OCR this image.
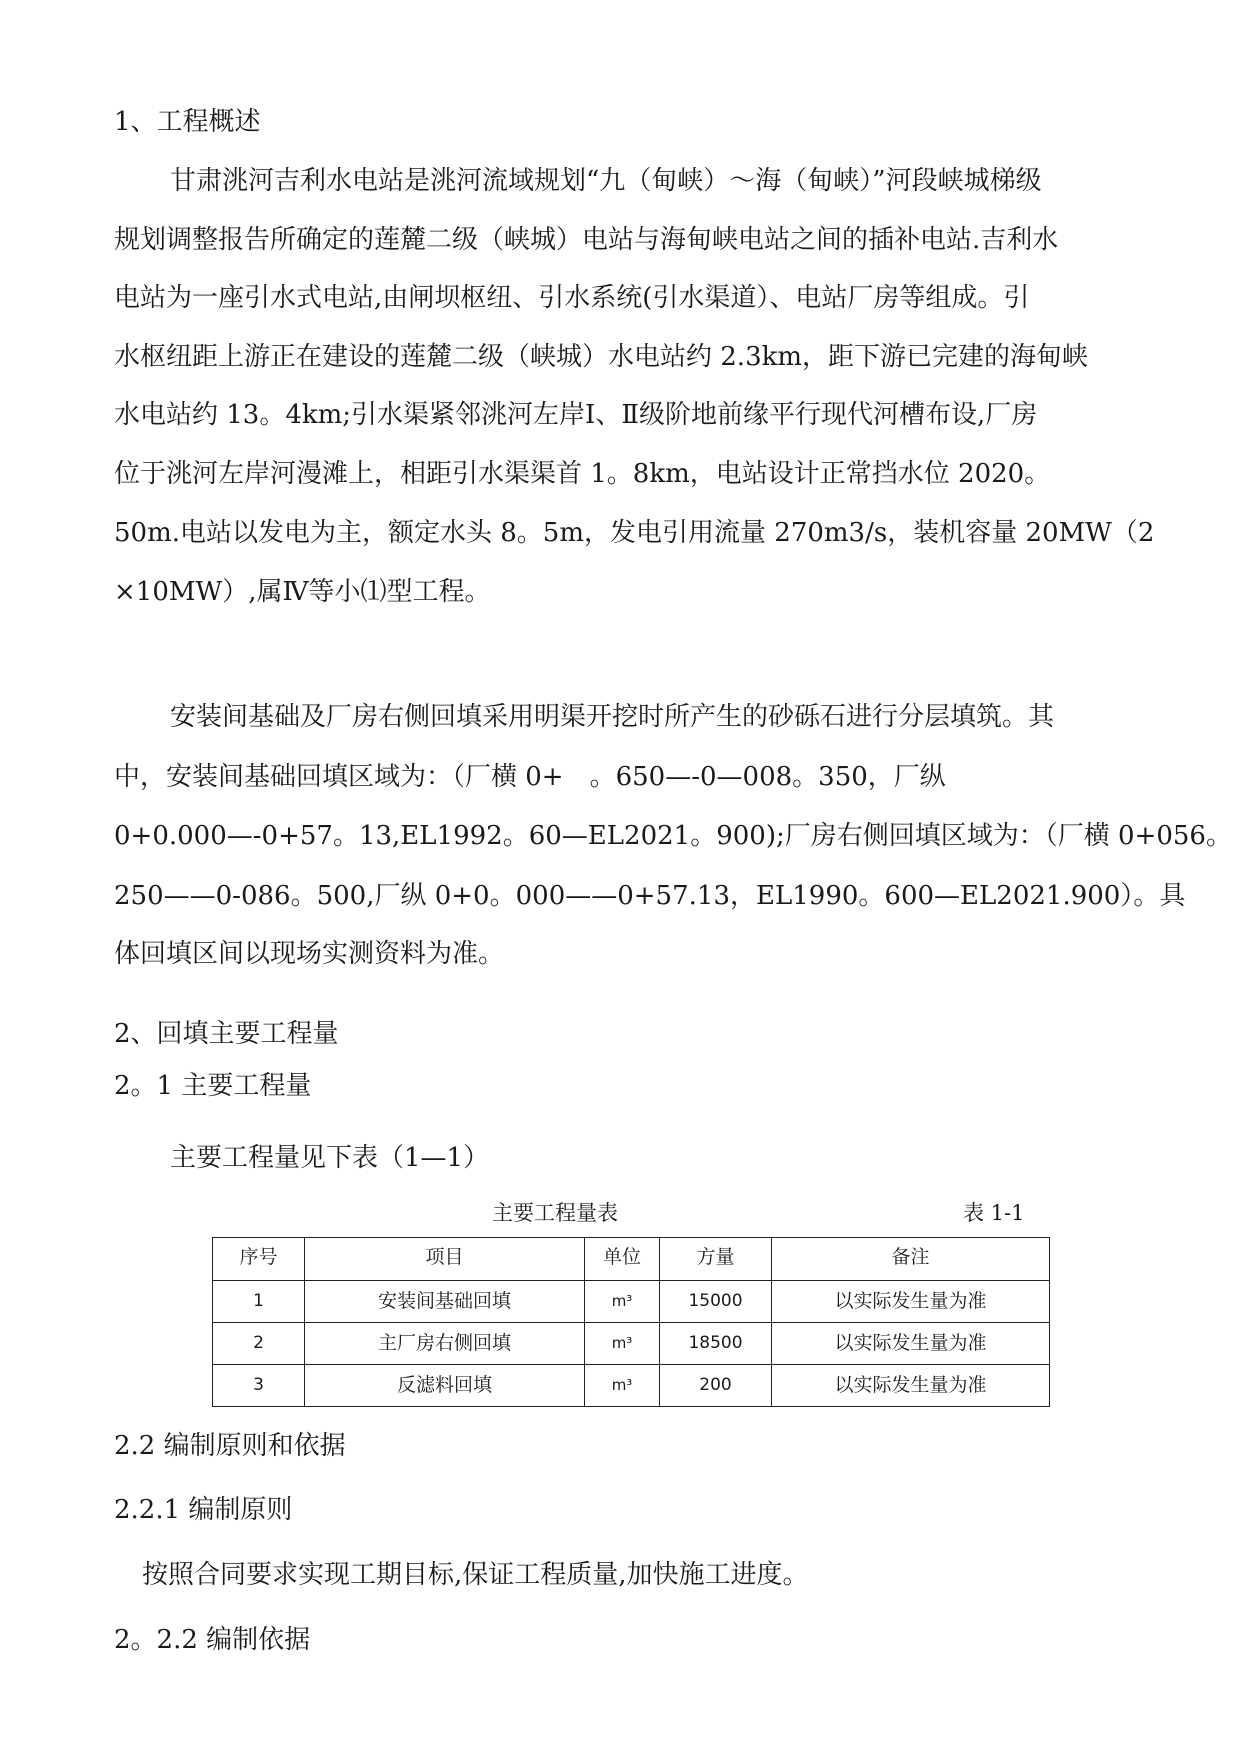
1、工程概述
甘肃洮河吉利水电站是洮河流域规划“九（甸峡）～海（甸峡）”河段峡城梯级
规划调整报告所确定的莲麓二级（峡城）电站与海甸峡电站之间的插补电站.吉利水
电站为一座引水式电站,由闸坝枢纽、引水系统(引水渠道）、电站厂房等组成。引
水枢纽距上游正在建设的莲麓二级（峡城）水电站约 2.3km，距下游已完建的海甸峡
水电站约 13。4km;引水渠紧邻洮河左岸Ⅰ、Ⅱ级阶地前缘平行现代河槽布设,厂房
位于洮河左岸河漫滩上，相距引水渠渠首 1。8km，电站设计正常挡水位 2020。
50m.电站以发电为主，额定水头 8。5m，发电引用流量 270m3/s，装机容量 20MW（2
×10MW）,属Ⅳ等小⑴型工程。
安装间基础及厂房右侧回填采用明渠开挖时所产生的砂砾石进行分层填筑。其
中，安装间基础回填区域为：（厂横 0+　。650—-0—008。350，厂纵
0+0.000—-0+57。13,EL1992。60—EL2021。900);厂房右侧回填区域为：（厂横 0+056。
250——0-086。500,厂纵 0+0。000——0+57.13，EL1990。600—EL2021.900）。具
体回填区间以现场实测资料为准。
2、回填主要工程量
2。1 主要工程量
主要工程量见下表（1—1）
主要工程量表	表 1-1
序号	项目	单位	方量	备注
1	安装间基础回填	m³	15000	以实际发生量为准
2	主厂房右侧回填	m³	18500	以实际发生量为准
3	反滤料回填	m³	200	以实际发生量为准
2.2 编制原则和依据
2.2.1 编制原则
按照合同要求实现工期目标,保证工程质量,加快施工进度。
2。2.2 编制依据
